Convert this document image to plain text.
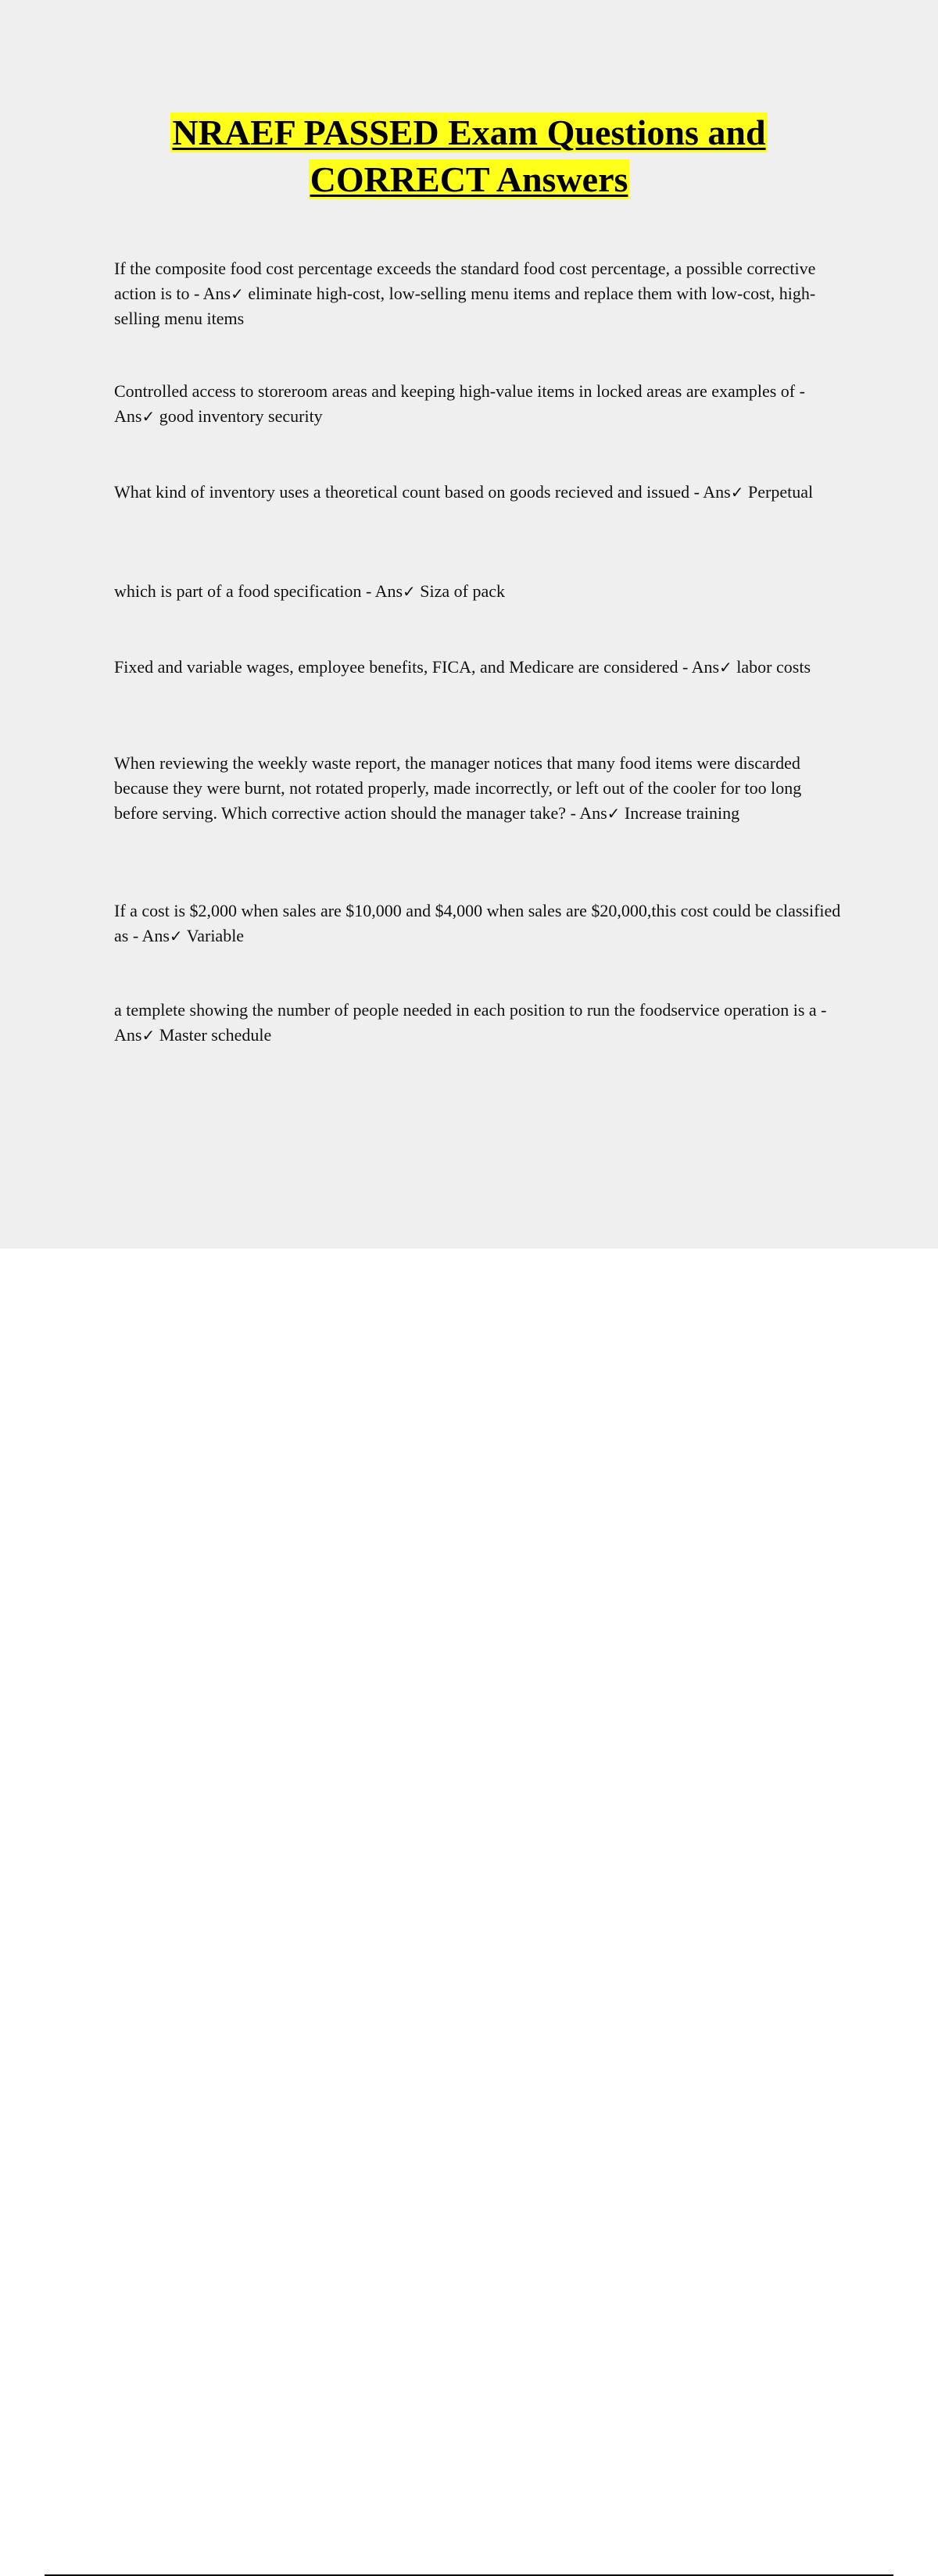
NRAEF PASSED Exam Questions and
CORRECT Answers

If the composite food cost percentage exceeds the standard food cost percentage, a possible corrective action is to - Ans✓ eliminate high-cost, low-selling menu items and replace them with low-cost, high-selling menu items

Controlled access to storeroom areas and keeping high-value items in locked areas are examples of - Ans✓ good inventory security

What kind of inventory uses a theoretical count based on goods recieved and issued - Ans✓ Perpetual

which is part of a food specification - Ans✓ Siza of pack

Fixed and variable wages, employee benefits, FICA, and Medicare are considered - Ans✓ labor costs

When reviewing the weekly waste report, the manager notices that many food items were discarded because they were burnt, not rotated properly, made incorrectly, or left out of the cooler for too long before serving. Which corrective action should the manager take? - Ans✓ Increase training

If a cost is $2,000 when sales are $10,000 and $4,000 when sales are $20,000,this cost could be classified as - Ans✓ Variable

a templete showing the number of people needed in each position to run the foodservice operation is a - Ans✓ Master schedule
